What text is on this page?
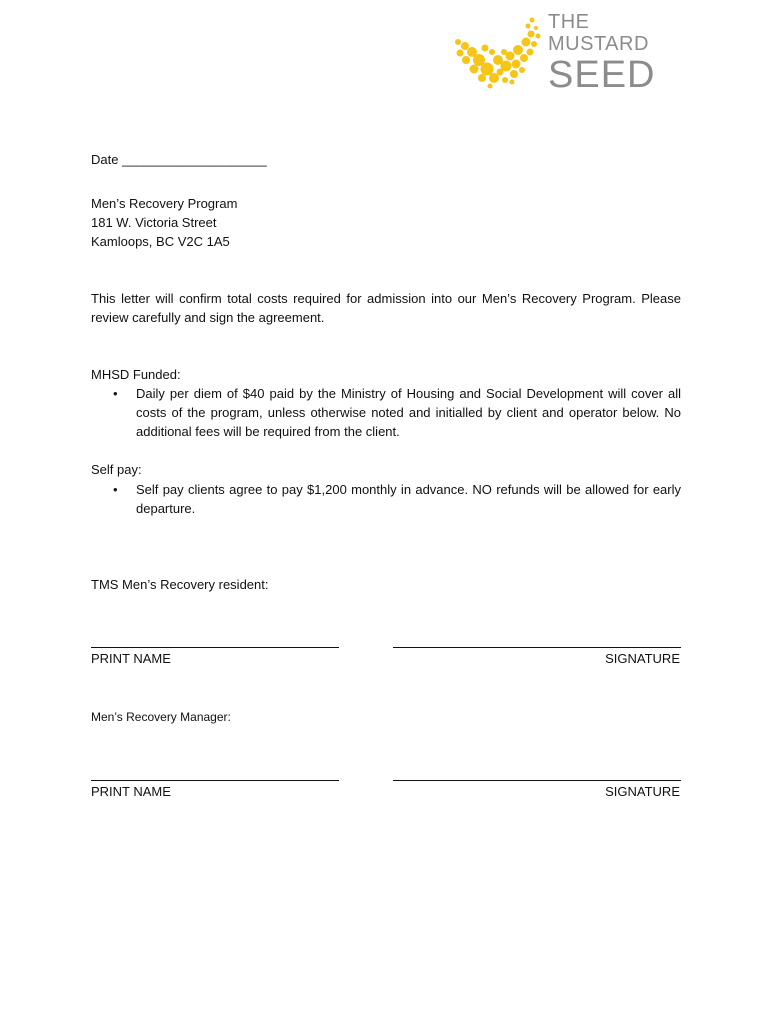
THE
MUSTARD
SEED
Date ____________________
Men’s Recovery Program
181 W. Victoria Street
Kamloops, BC V2C 1A5
This letter will confirm total costs required for admission into our Men’s Recovery Program. Please review carefully and sign the agreement.
MHSD Funded:
• Daily per diem of $40 paid by the Ministry of Housing and Social Development will cover all costs of the program, unless otherwise noted and initialled by client and operator below. No additional fees will be required from the client.
Self pay:
• Self pay clients agree to pay $1,200 monthly in advance. NO refunds will be allowed for early departure.
TMS Men’s Recovery resident:
PRINT NAME	SIGNATURE
Men’s Recovery Manager:
PRINT NAME	SIGNATURE
